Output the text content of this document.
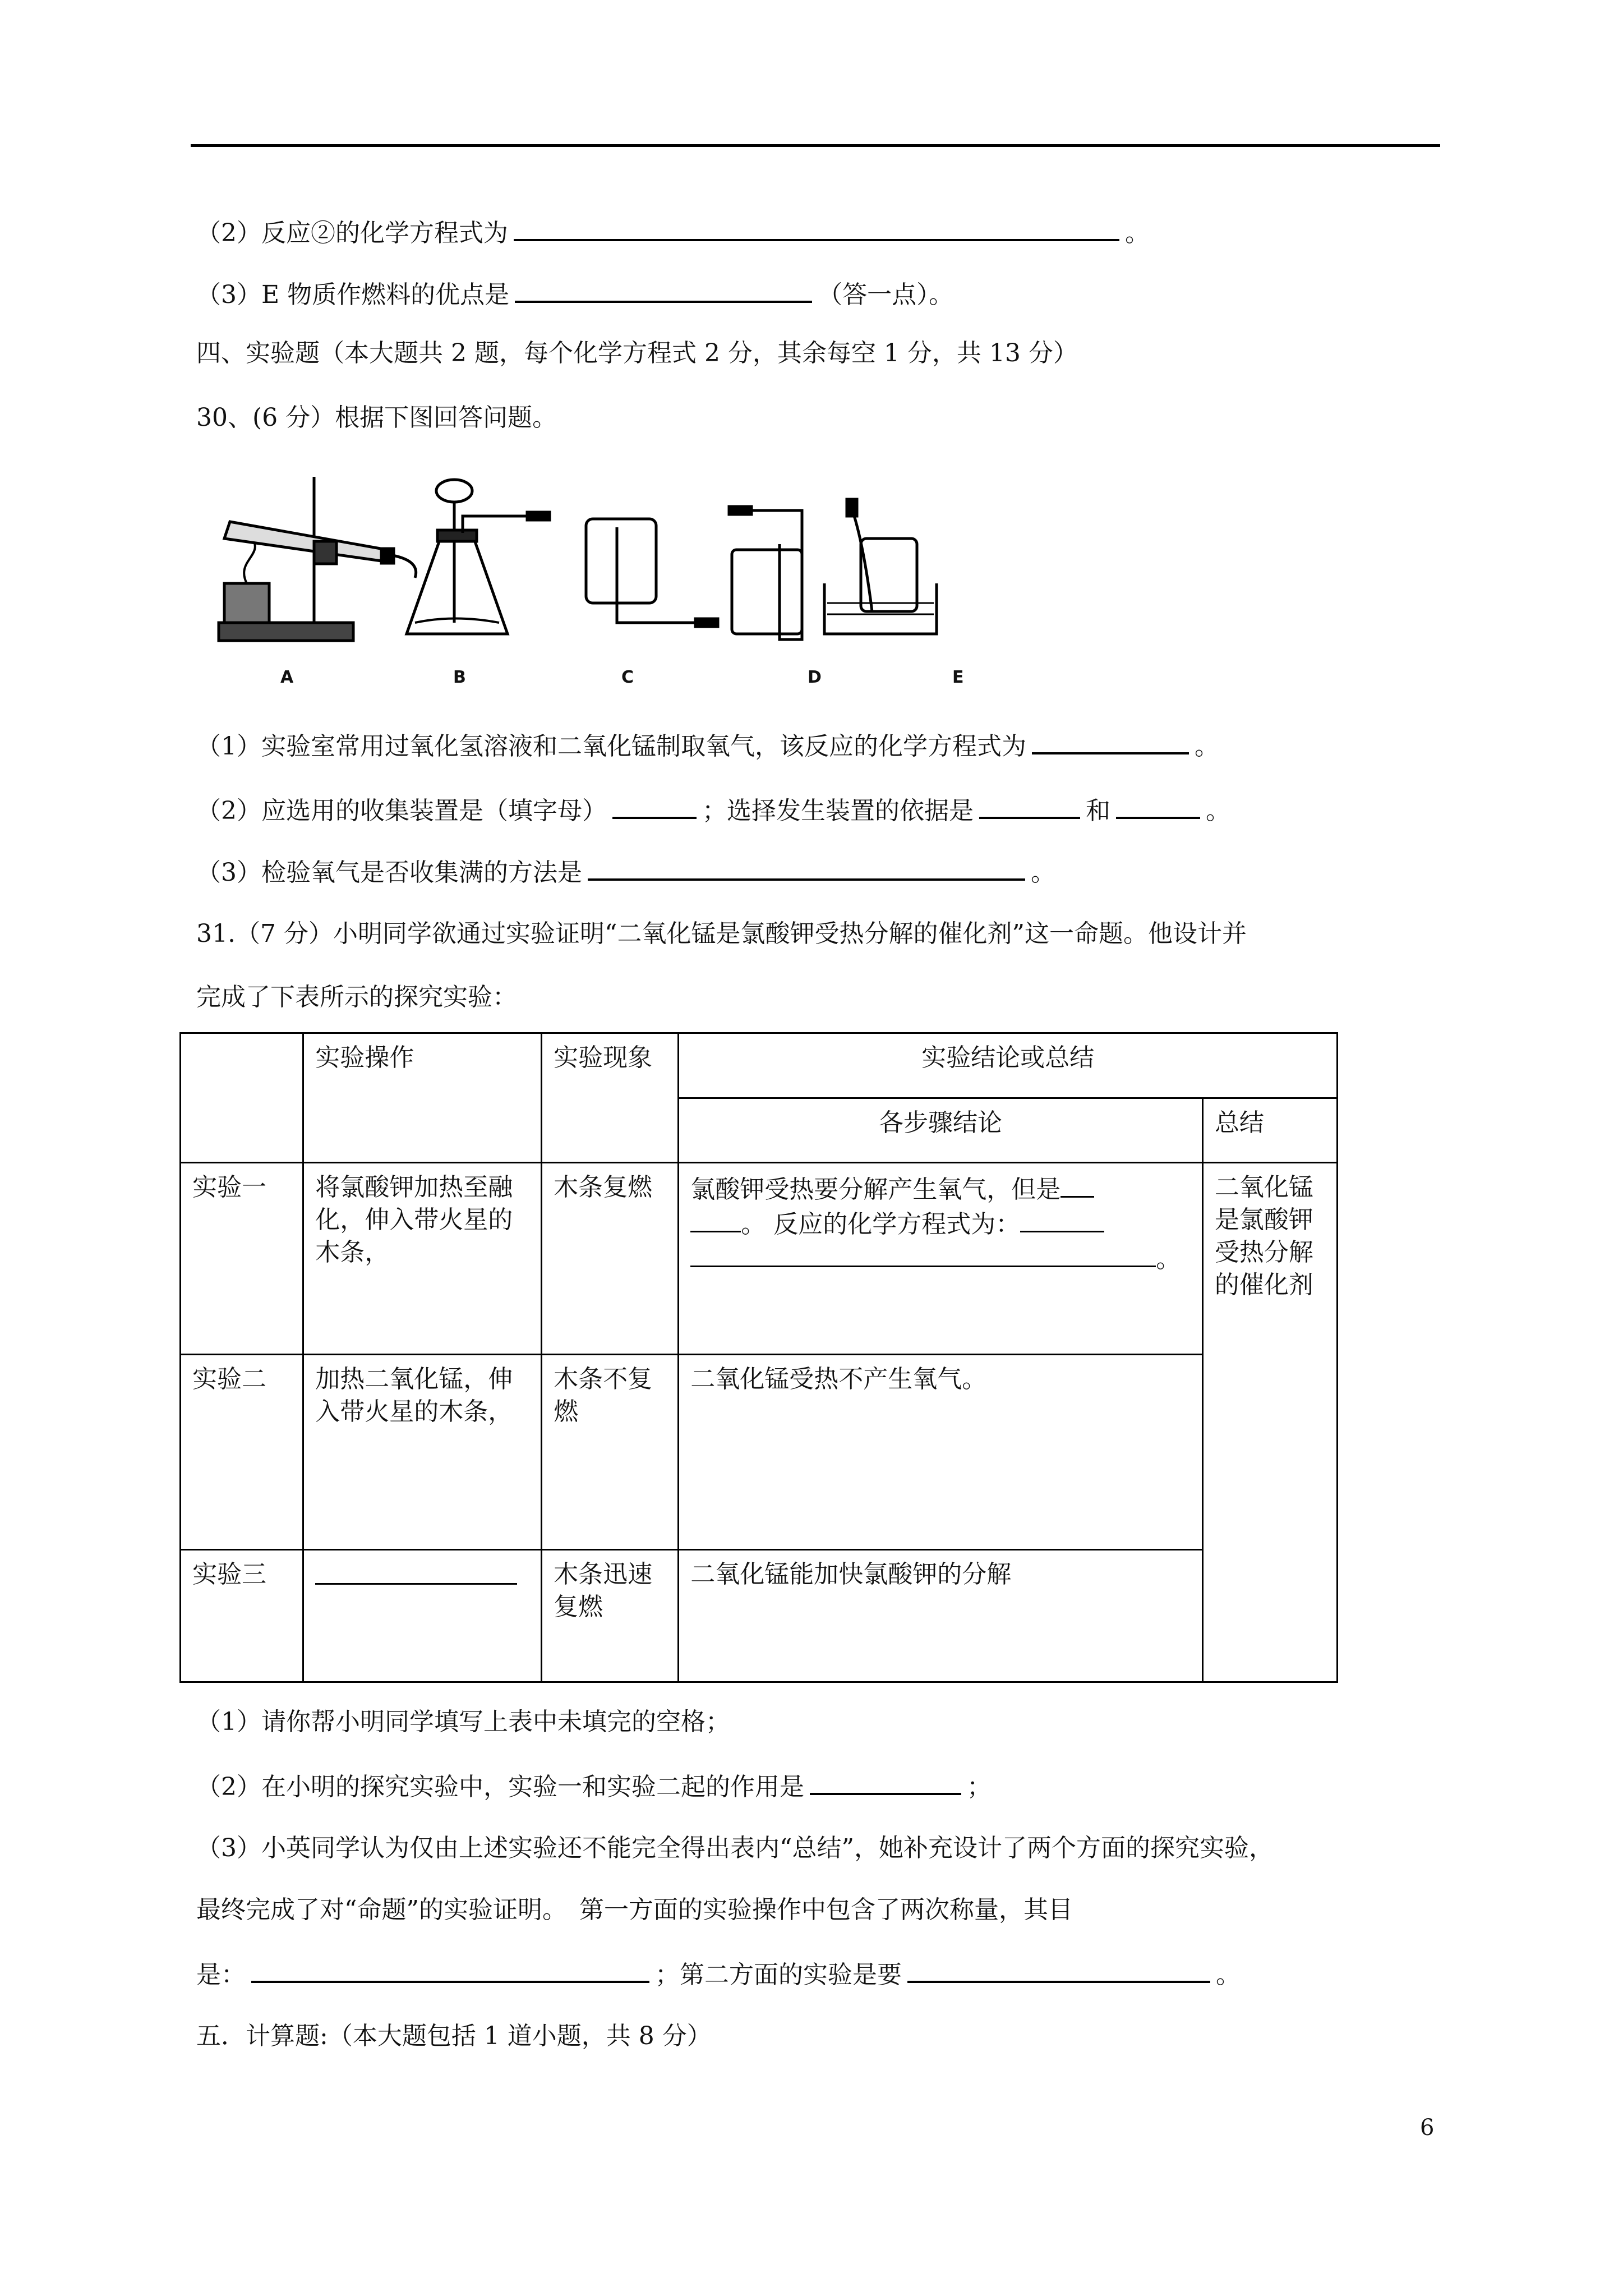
（2）反应②的化学方程式为	。
（3）E 物质作燃料的优点是	（答一点）。
四、实验题（本大题共 2 题，每个化学方程式 2 分，其余每空 1 分，共 13 分）
30、(6 分）根据下图回答问题。
A	B	C	D	E
（1）实验室常用过氧化氢溶液和二氧化锰制取氧气，该反应的化学方程式为	。
（2）应选用的收集装置是（填字母）	；选择发生装置的依据是	和	。
（3）检验氧气是否收集满的方法是	。
31.（7 分）小明同学欲通过实验证明“二氧化锰是氯酸钾受热分解的催化剂”这一命题。他设计并
完成了下表所示的探究实验：
	实验操作	实验现象	实验结论或总结	
			各步骤结论	总结
实验一	将氯酸钾加热至融化，伸入带火星的木条，	木条复燃	氯酸钾受热要分解产生氧气，但是
。 反应的化学方程式为：
。	二氧化锰是氯酸钾受热分解的催化剂
实验二	加热二氧化锰，伸入带火星的木条，	木条不复燃	二氧化锰受热不产生氧气。	
实验三		木条迅速复燃	二氧化锰能加快氯酸钾的分解	
（1）请你帮小明同学填写上表中未填完的空格；
（2）在小明的探究实验中，实验一和实验二起的作用是	；
（3）小英同学认为仅由上述实验还不能完全得出表内“总结”，她补充设计了两个方面的探究实验，
最终完成了对“命题”的实验证明。　第一方面的实验操作中包含了两次称量，其目
是：	；第二方面的实验是要	。
五．计算题:（本大题包括 1 道小题，共 8 分）
6
